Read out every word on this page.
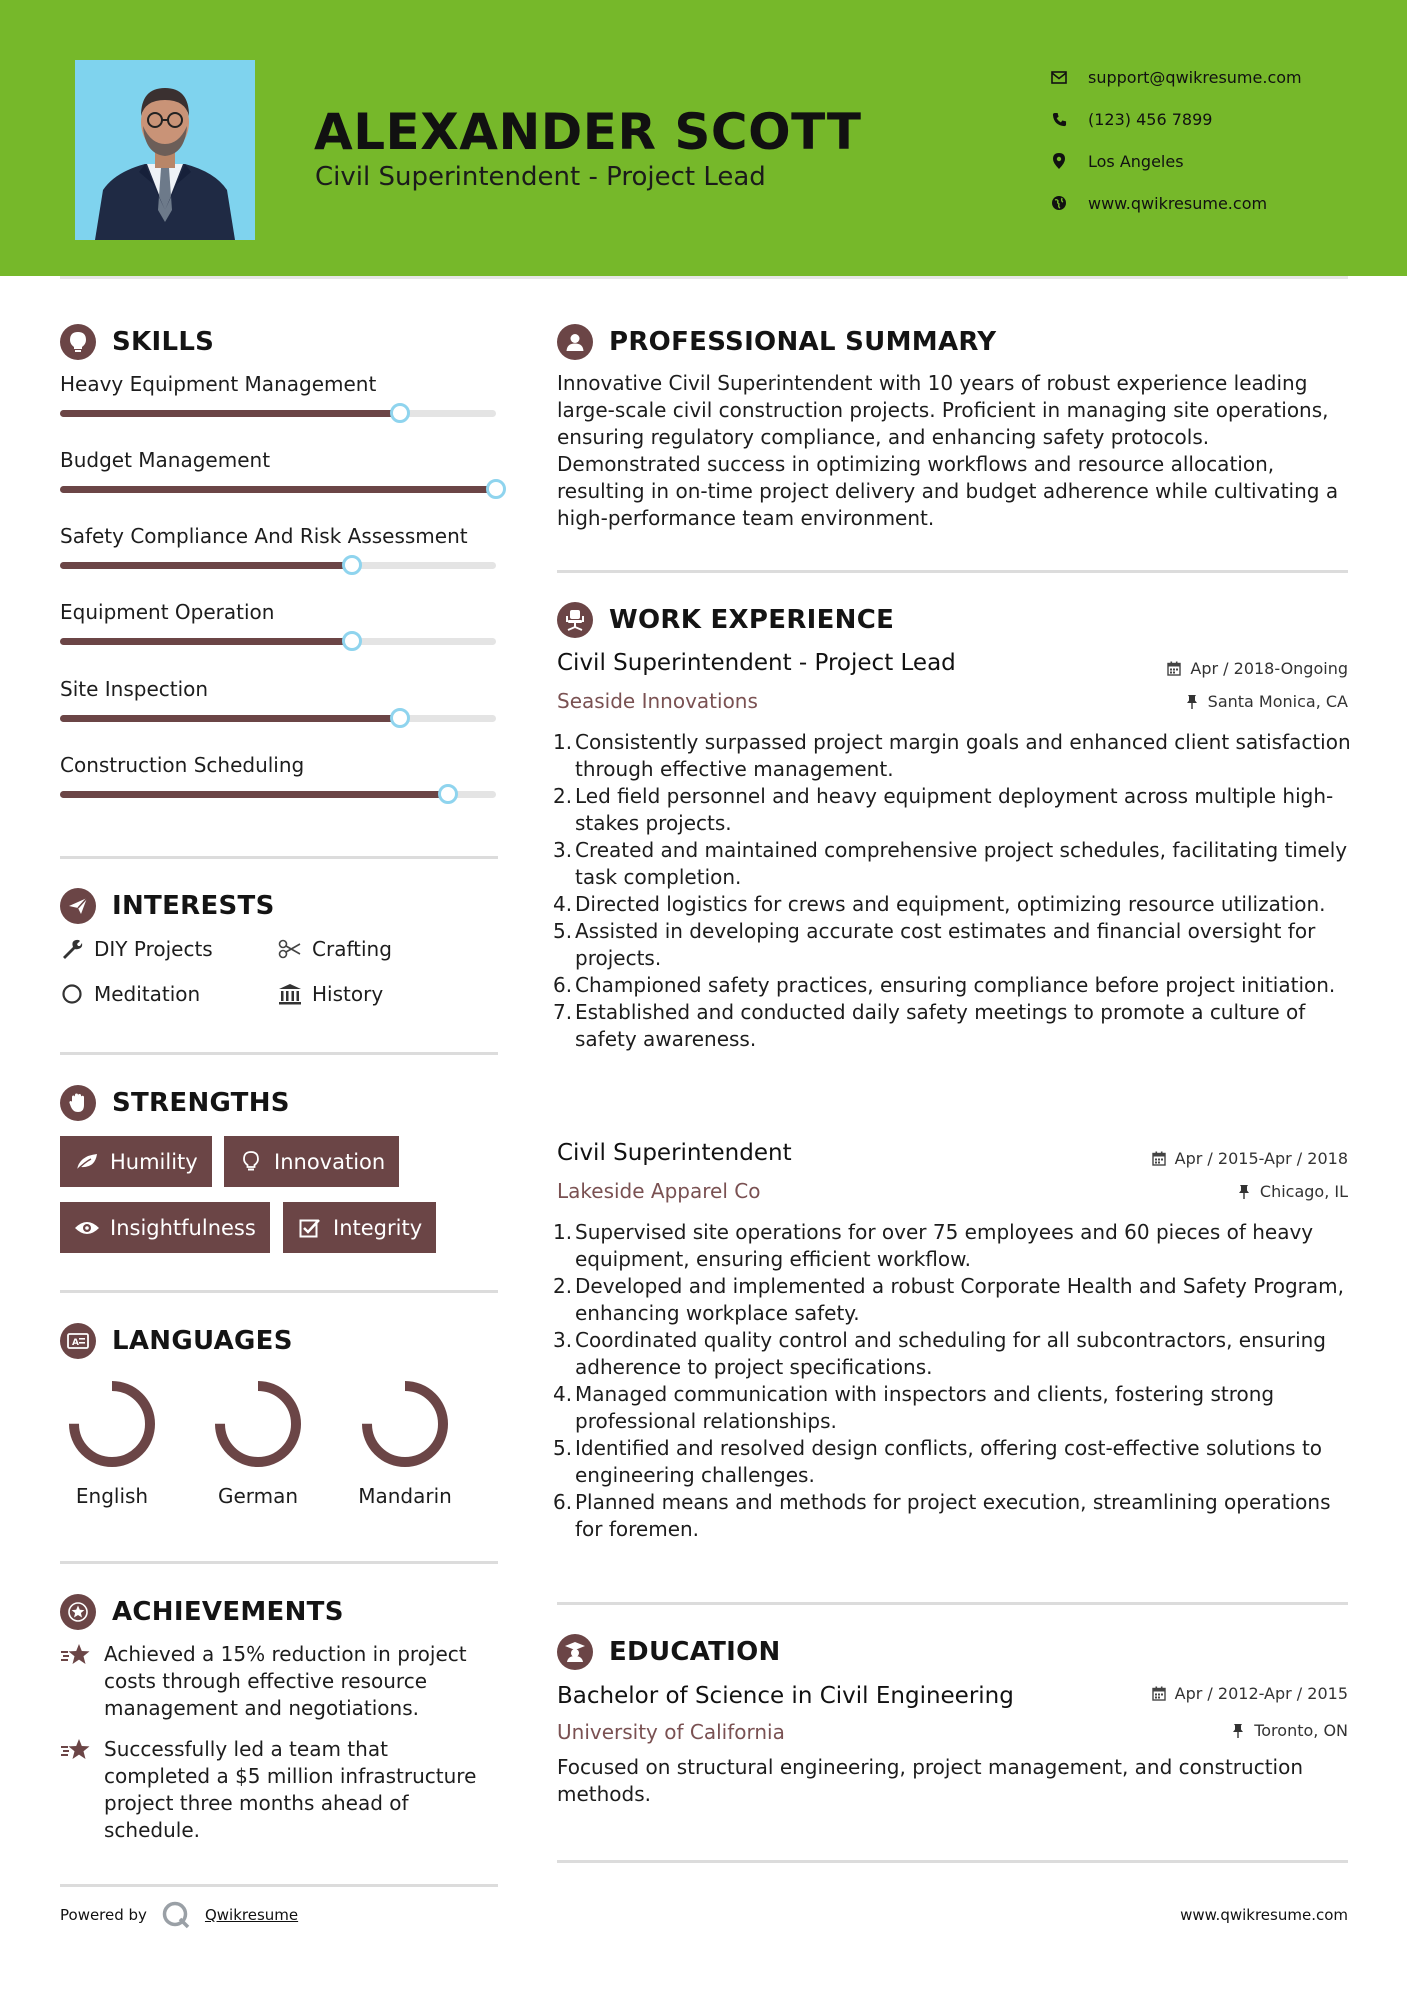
ALEXANDER SCOTT
Civil Superintendent - Project Lead
support@qwikresume.com
(123) 456 7899
Los Angeles
www.qwikresume.com
SKILLS
Heavy Equipment Management
Budget Management
Safety Compliance And Risk Assessment
Equipment Operation
Site Inspection
Construction Scheduling
INTERESTS
DIY Projects	Crafting
Meditation	History
STRENGTHS
Humility	Innovation
Insightfulness	Integrity
A LANGUAGES
English	German	Mandarin
ACHIEVEMENTS
Achieved a 15% reduction in project costs through effective resource management and negotiations.
Successfully led a team that completed a $5 million infrastructure project three months ahead of schedule.
PROFESSIONAL SUMMARY
Innovative Civil Superintendent with 10 years of robust experience leading large-scale civil construction projects. Proficient in managing site operations, ensuring regulatory compliance, and enhancing safety protocols. Demonstrated success in optimizing workflows and resource allocation, resulting in on-time project delivery and budget adherence while cultivating a high-performance team environment.
WORK EXPERIENCE
Civil Superintendent - Project Lead	Apr / 2018-Ongoing
Seaside Innovations	Santa Monica, CA
1. Consistently surpassed project margin goals and enhanced client satisfaction through effective management.
2. Led field personnel and heavy equipment deployment across multiple high-stakes projects.
3. Created and maintained comprehensive project schedules, facilitating timely task completion.
4. Directed logistics for crews and equipment, optimizing resource utilization.
5. Assisted in developing accurate cost estimates and financial oversight for projects.
6. Championed safety practices, ensuring compliance before project initiation.
7. Established and conducted daily safety meetings to promote a culture of safety awareness.
Civil Superintendent	Apr / 2015-Apr / 2018
Lakeside Apparel Co	Chicago, IL
1. Supervised site operations for over 75 employees and 60 pieces of heavy equipment, ensuring efficient workflow.
2. Developed and implemented a robust Corporate Health and Safety Program, enhancing workplace safety.
3. Coordinated quality control and scheduling for all subcontractors, ensuring adherence to project specifications.
4. Managed communication with inspectors and clients, fostering strong professional relationships.
5. Identified and resolved design conflicts, offering cost-effective solutions to engineering challenges.
6. Planned means and methods for project execution, streamlining operations for foremen.
EDUCATION
Bachelor of Science in Civil Engineering	Apr / 2012-Apr / 2015
University of California	Toronto, ON
Focused on structural engineering, project management, and construction methods.
Powered by	Qwikresume	www.qwikresume.com
